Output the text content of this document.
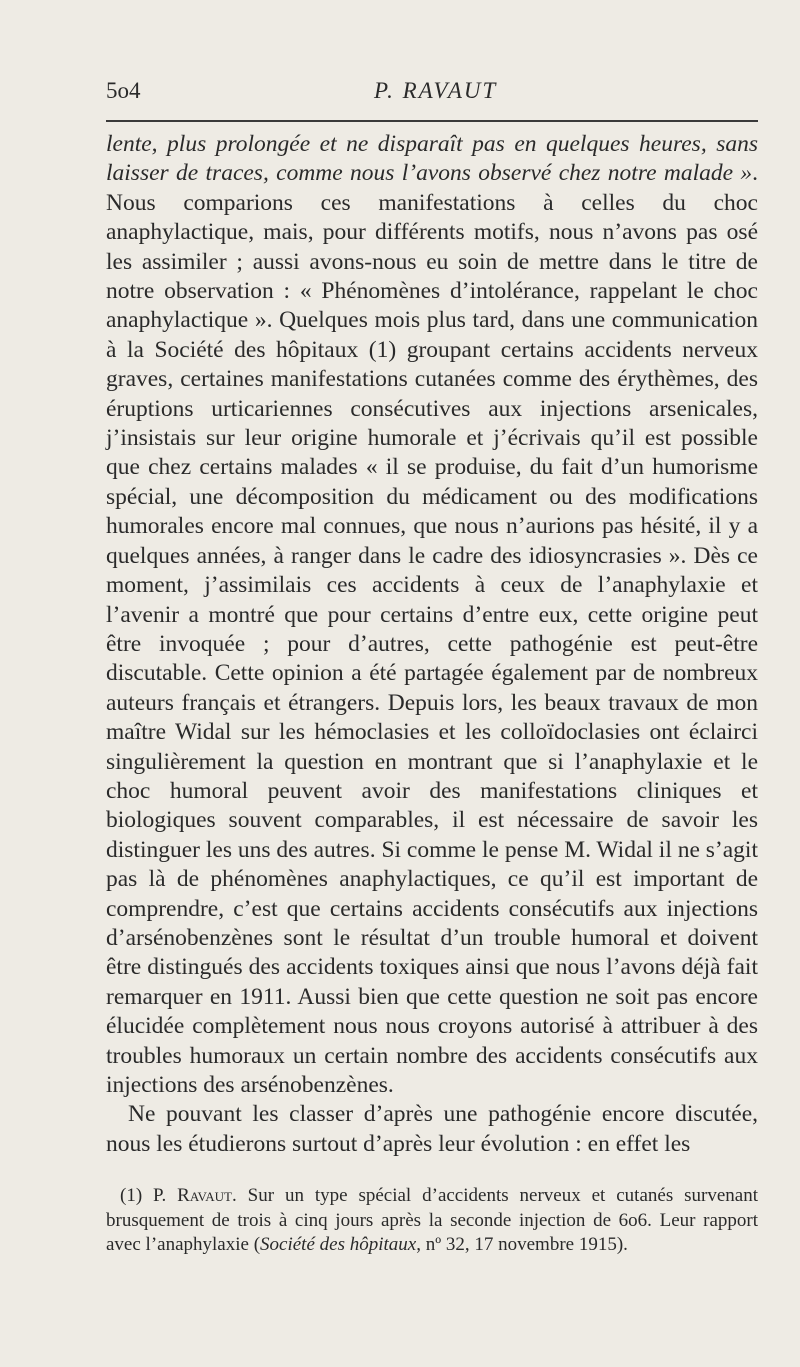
5o4	P. RAVAUT

lente, plus prolongée et ne disparaît pas en quelques heures, sans laisser de traces, comme nous l’avons observé chez notre malade ». Nous comparions ces manifestations à celles du choc anaphylactique, mais, pour différents motifs, nous n’avons pas osé les assimiler ; aussi avons-nous eu soin de mettre dans le titre de notre observation : « Phénomènes d’intolérance, rappelant le choc anaphylactique ». Quelques mois plus tard, dans une communication à la Société des hôpitaux (1) groupant certains accidents nerveux graves, certaines manifestations cutanées comme des érythèmes, des éruptions urticariennes consécutives aux injections arsenicales, j’insistais sur leur origine humorale et j’écrivais qu’il est possible que chez certains malades « il se produise, du fait d’un humorisme spécial, une décomposition du médicament ou des modifications humorales encore mal connues, que nous n’aurions pas hésité, il y a quelques années, à ranger dans le cadre des idiosyncrasies ». Dès ce moment, j’assimilais ces accidents à ceux de l’anaphylaxie et l’avenir a montré que pour certains d’entre eux, cette origine peut être invoquée ; pour d’autres, cette pathogénie est peut-être discutable. Cette opinion a été partagée également par de nombreux auteurs français et étrangers. Depuis lors, les beaux travaux de mon maître Widal sur les hémoclasies et les colloïdoclasies ont éclairci singulièrement la question en montrant que si l’anaphylaxie et le choc humoral peuvent avoir des manifestations cliniques et biologiques souvent comparables, il est nécessaire de savoir les distinguer les uns des autres. Si comme le pense M. Widal il ne s’agit pas là de phénomènes anaphylactiques, ce qu’il est important de comprendre, c’est que certains accidents consécutifs aux injections d’arsénobenzènes sont le résultat d’un trouble humoral et doivent être distingués des accidents toxiques ainsi que nous l’avons déjà fait remarquer en 1911. Aussi bien que cette question ne soit pas encore élucidée complètement nous nous croyons autorisé à attribuer à des troubles humoraux un certain nombre des accidents consécutifs aux injections des arsénobenzènes.

Ne pouvant les classer d’après une pathogénie encore discutée, nous les étudierons surtout d’après leur évolution : en effet les

(1) P. Ravaut. Sur un type spécial d’accidents nerveux et cutanés survenant brusquement de trois à cinq jours après la seconde injection de 6o6. Leur rapport avec l’anaphylaxie (Société des hôpitaux, nº 32, 17 novembre 1915).
